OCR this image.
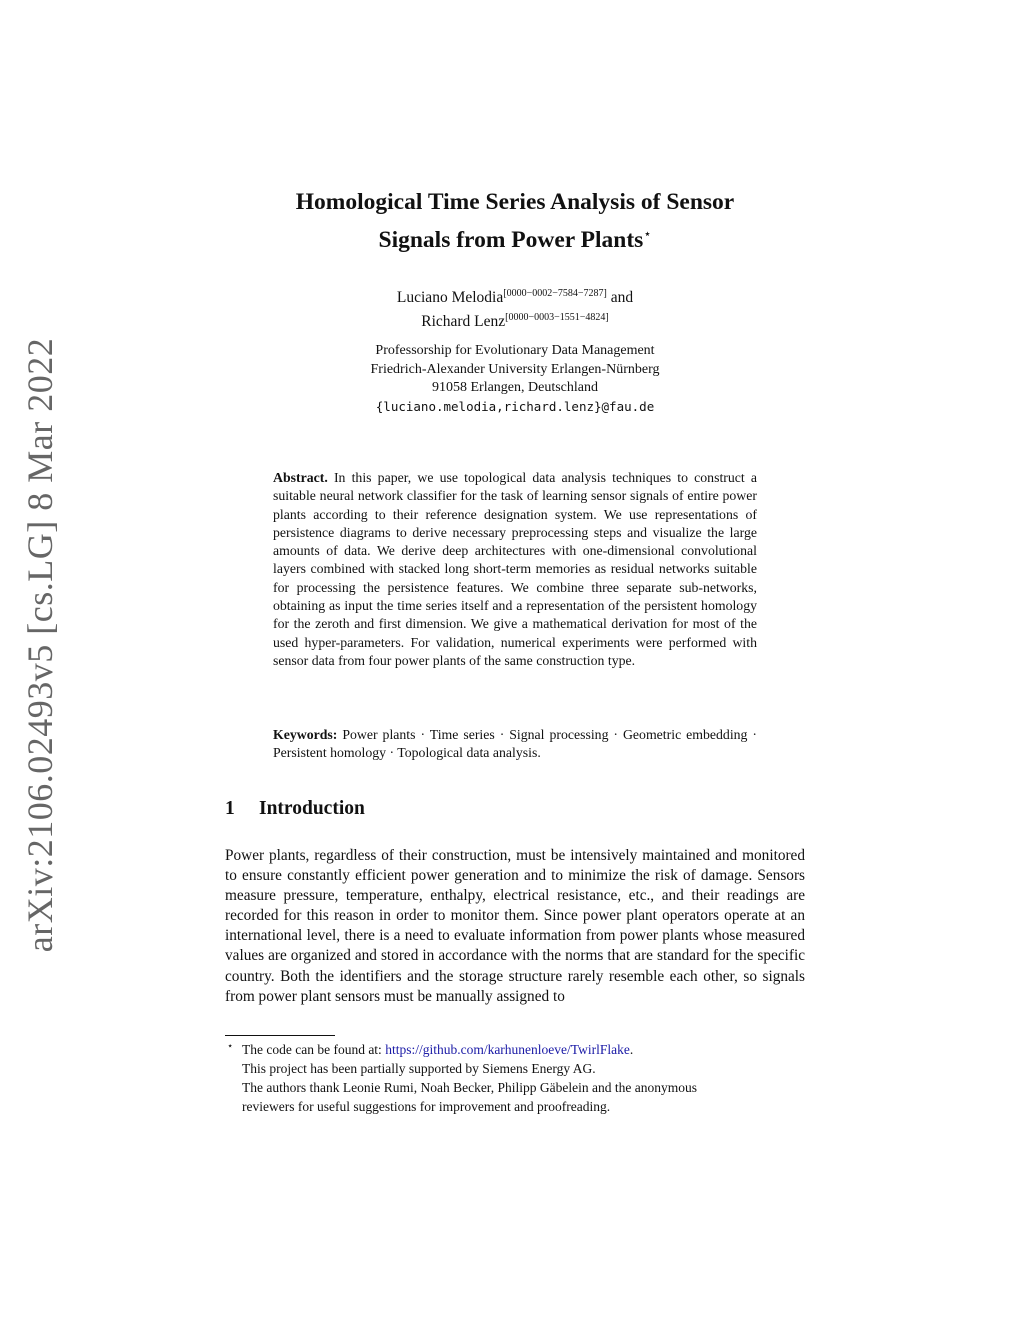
arXiv:2106.02493v5 [cs.LG] 8 Mar 2022
Homological Time Series Analysis of Sensor
Signals from Power Plants⋆
Luciano Melodia[0000−0002−7584−7287] and
Richard Lenz[0000−0003−1551−4824]
Professorship for Evolutionary Data Management
Friedrich-Alexander University Erlangen-Nürnberg
91058 Erlangen, Deutschland
{luciano.melodia,richard.lenz}@fau.de

Abstract. In this paper, we use topological data analysis techniques to construct a suitable neural network classifier for the task of learning sensor signals of entire power plants according to their reference designation system. We use representations of persistence diagrams to derive necessary preprocessing steps and visualize the large amounts of data. We derive deep architectures with one-dimensional convolutional layers combined with stacked long short-term memories as residual networks suitable for processing the persistence features. We combine three separate sub-networks, obtaining as input the time series itself and a representation of the persistent homology for the zeroth and first dimension. We give a mathematical derivation for most of the used hyper-parameters. For validation, numerical experiments were performed with sensor data from four power plants of the same construction type.

Keywords: Power plants · Time series · Signal processing · Geometric embedding · Persistent homology · Topological data analysis.

1 Introduction

Power plants, regardless of their construction, must be intensively maintained and monitored to ensure constantly efficient power generation and to minimize the risk of damage. Sensors measure pressure, temperature, enthalpy, electrical resistance, etc., and their readings are recorded for this reason in order to monitor them. Since power plant operators operate at an international level, there is a need to evaluate information from power plants whose measured values are organized and stored in accordance with the norms that are standard for the specific country. Both the identifiers and the storage structure rarely resemble each other, so signals from power plant sensors must be manually assigned to

⋆ The code can be found at: https://github.com/karhunenloeve/TwirlFlake.
This project has been partially supported by Siemens Energy AG.
The authors thank Leonie Rumi, Noah Becker, Philipp Gäbelein and the anonymous
reviewers for useful suggestions for improvement and proofreading.
